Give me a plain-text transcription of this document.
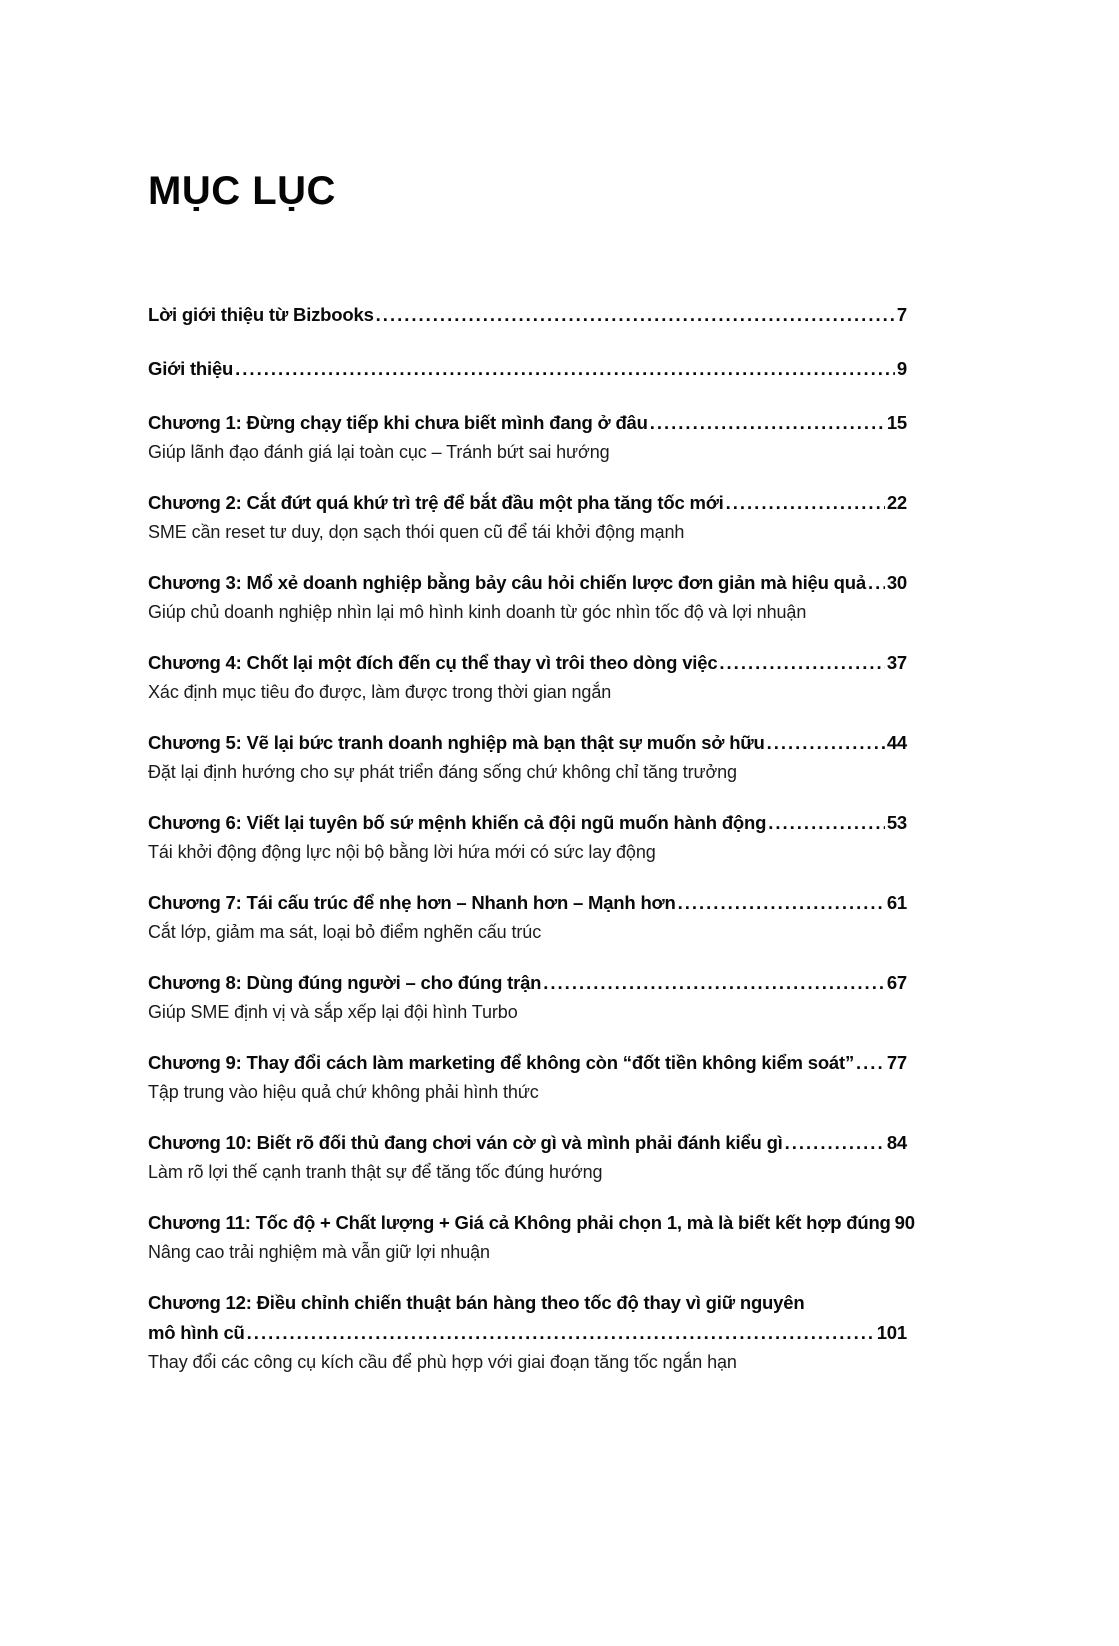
MỤC LỤC
Lời giới thiệu từ Bizbooks .....	7
Giới thiệu .....	9
Chương 1: Đừng chạy tiếp khi chưa biết mình đang ở đâu .....	15
Giúp lãnh đạo đánh giá lại toàn cục – Tránh bứt sai hướng
Chương 2: Cắt đứt quá khứ trì trệ để bắt đầu một pha tăng tốc mới .....	22
SME cần reset tư duy, dọn sạch thói quen cũ để tái khởi động mạnh
Chương 3: Mổ xẻ doanh nghiệp bằng bảy câu hỏi chiến lược đơn giản mà hiệu quả ..... 30
Giúp chủ doanh nghiệp nhìn lại mô hình kinh doanh từ góc nhìn tốc độ và lợi nhuận
Chương 4: Chốt lại một đích đến cụ thể thay vì trôi theo dòng việc .....	37
Xác định mục tiêu đo được, làm được trong thời gian ngắn
Chương 5: Vẽ lại bức tranh doanh nghiệp mà bạn thật sự muốn sở hữu .....	44
Đặt lại định hướng cho sự phát triển đáng sống chứ không chỉ tăng trưởng
Chương 6: Viết lại tuyên bố sứ mệnh khiến cả đội ngũ muốn hành động .....	53
Tái khởi động động lực nội bộ bằng lời hứa mới có sức lay động
Chương 7: Tái cấu trúc để nhẹ hơn – Nhanh hơn – Mạnh hơn .....	61
Cắt lớp, giảm ma sát, loại bỏ điểm nghẽn cấu trúc
Chương 8: Dùng đúng người – cho đúng trận .....	67
Giúp SME định vị và sắp xếp lại đội hình Turbo
Chương 9: Thay đổi cách làm marketing để không còn “đốt tiền không kiểm soát” ..... 77
Tập trung vào hiệu quả chứ không phải hình thức
Chương 10: Biết rõ đối thủ đang chơi ván cờ gì và mình phải đánh kiểu gì .....	84
Làm rõ lợi thế cạnh tranh thật sự để tăng tốc đúng hướng
Chương 11: Tốc độ + Chất lượng + Giá cả Không phải chọn 1, mà là biết kết hợp đúng 90
Nâng cao trải nghiệm mà vẫn giữ lợi nhuận
Chương 12: Điều chỉnh chiến thuật bán hàng theo tốc độ thay vì giữ nguyên
mô hình cũ .....	101
Thay đổi các công cụ kích cầu để phù hợp với giai đoạn tăng tốc ngắn hạn
